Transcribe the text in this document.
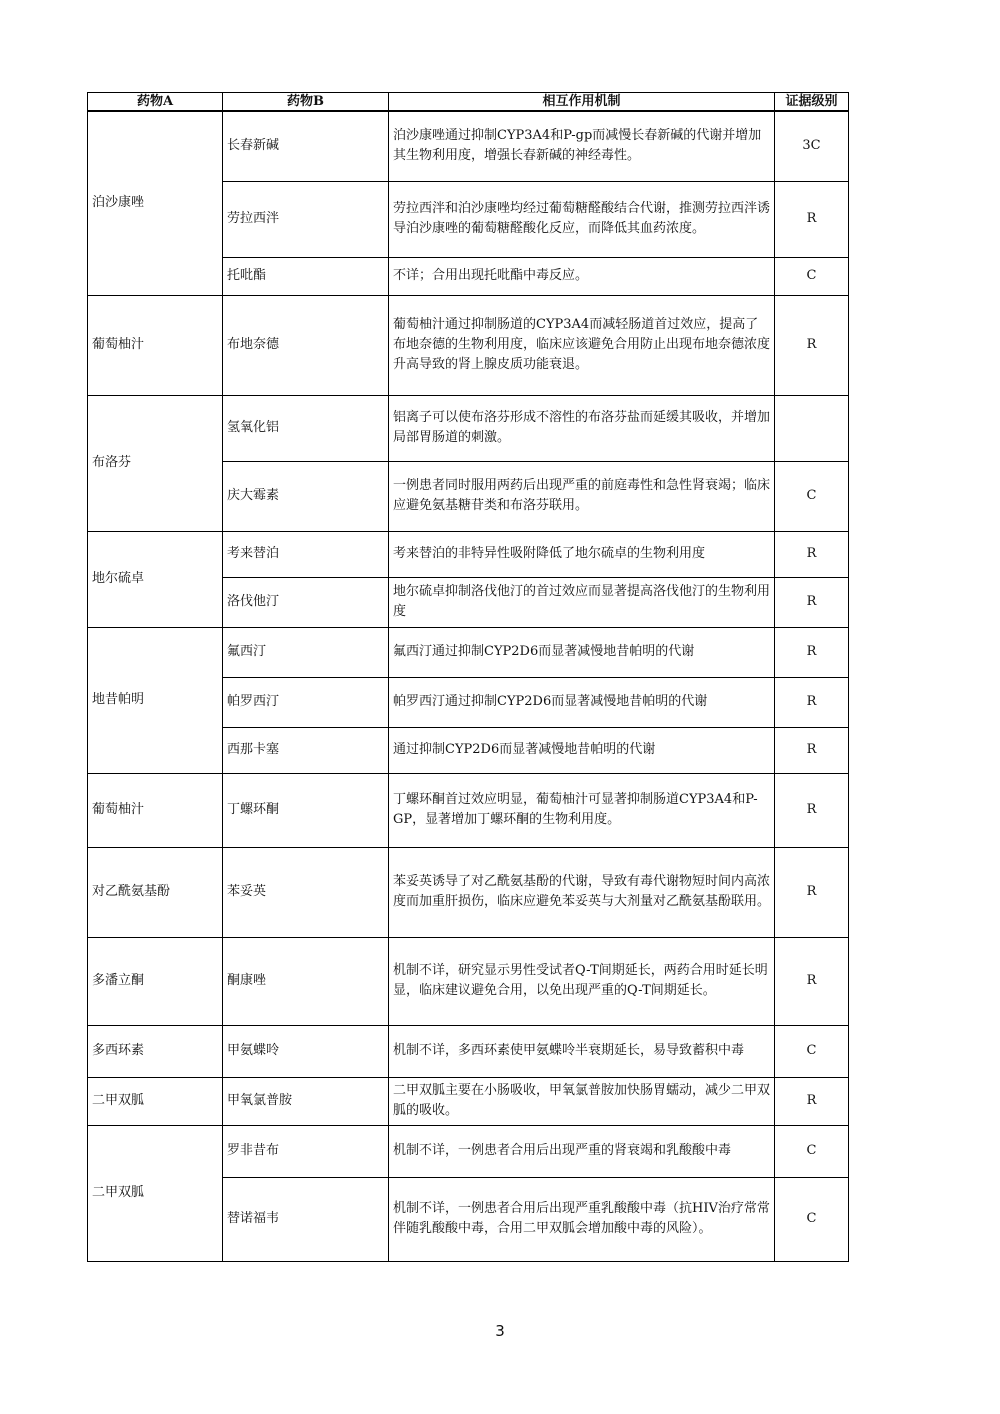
药物A	药物B	相互作用机制	证据级别
泊沙康唑	长春新碱	泊沙康唑通过抑制CYP3A4和P-gp而减慢长春新碱的代谢并增加其生物利用度，增强长春新碱的神经毒性。	3C
	劳拉西泮	劳拉西泮和泊沙康唑均经过葡萄糖醛酸结合代谢，推测劳拉西泮诱导泊沙康唑的葡萄糖醛酸化反应，而降低其血药浓度。	R
	托吡酯	不详；合用出现托吡酯中毒反应。	C
葡萄柚汁	布地奈德	葡萄柚汁通过抑制肠道的CYP3A4而减轻肠道首过效应，提高了布地奈德的生物利用度，临床应该避免合用防止出现布地奈德浓度升高导致的肾上腺皮质功能衰退。	R
布洛芬	氢氧化铝	铝离子可以使布洛芬形成不溶性的布洛芬盐而延缓其吸收，并增加局部胃肠道的刺激。	
	庆大霉素	一例患者同时服用两药后出现严重的前庭毒性和急性肾衰竭；临床应避免氨基糖苷类和布洛芬联用。	C
地尔硫卓	考来替泊	考来替泊的非特异性吸附降低了地尔硫卓的生物利用度	R
	洛伐他汀	地尔硫卓抑制洛伐他汀的首过效应而显著提高洛伐他汀的生物利用度	R
地昔帕明	氟西汀	氟西汀通过抑制CYP2D6而显著减慢地昔帕明的代谢	R
	帕罗西汀	帕罗西汀通过抑制CYP2D6而显著减慢地昔帕明的代谢	R
	西那卡塞	通过抑制CYP2D6而显著减慢地昔帕明的代谢	R
葡萄柚汁	丁螺环酮	丁螺环酮首过效应明显，葡萄柚汁可显著抑制肠道CYP3A4和P-GP，显著增加丁螺环酮的生物利用度。	R
对乙酰氨基酚	苯妥英	苯妥英诱导了对乙酰氨基酚的代谢，导致有毒代谢物短时间内高浓度而加重肝损伤，临床应避免苯妥英与大剂量对乙酰氨基酚联用。	R
多潘立酮	酮康唑	机制不详，研究显示男性受试者Q-T间期延长，两药合用时延长明显，临床建议避免合用，以免出现严重的Q-T间期延长。	R
多西环素	甲氨蝶呤	机制不详，多西环素使甲氨蝶呤半衰期延长，易导致蓄积中毒	C
二甲双胍	甲氧氯普胺	二甲双胍主要在小肠吸收，甲氧氯普胺加快肠胃蠕动，减少二甲双胍的吸收。	R
二甲双胍	罗非昔布	机制不详，一例患者合用后出现严重的肾衰竭和乳酸酸中毒	C
	替诺福韦	机制不详，一例患者合用后出现严重乳酸酸中毒（抗HIV治疗常常伴随乳酸酸中毒，合用二甲双胍会增加酸中毒的风险）。	C
3
